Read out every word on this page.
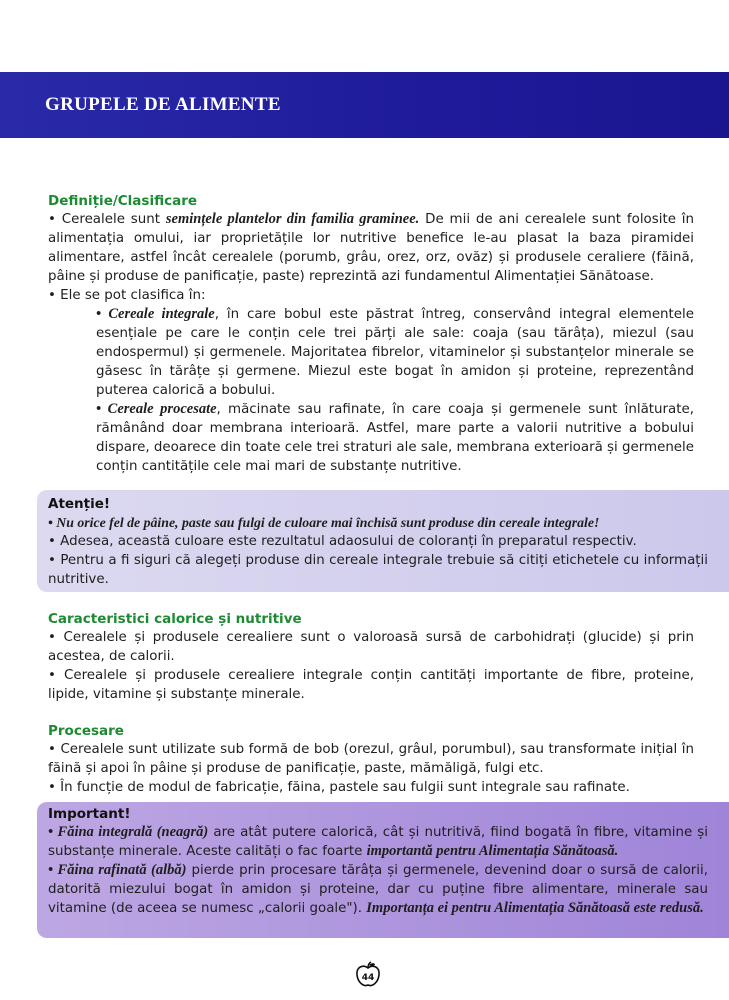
GRUPELE DE ALIMENTE
Definiție/Clasificare

• Cerealele sunt semințele plantelor din familia graminee. De mii de ani cerealele sunt folosite în alimentația omului, iar proprietățile lor nutritive benefice le-au plasat la baza piramidei alimentare, astfel încât cerealele (porumb, grâu, orez, orz, ovăz) și produsele ceraliere (făină, pâine și produse de panificație, paste) reprezintă azi fundamentul Alimentației Sănătoase.

• Ele se pot clasifica în:

• Cereale integrale, în care bobul este păstrat întreg, conservând integral elementele esențiale pe care le conțin cele trei părți ale sale: coaja (sau tărâța), miezul (sau endospermul) și germenele. Majoritatea fibrelor, vitaminelor și substanțelor minerale se găsesc în tărâțe și germene. Miezul este bogat în amidon și proteine, reprezentând puterea calorică a bobului.

• Cereale procesate, măcinate sau rafinate, în care coaja și germenele sunt înlăturate, rămânând doar membrana interioară. Astfel, mare parte a valorii nutritive a bobului dispare, deoarece din toate cele trei straturi ale sale, membrana exterioară și germenele conțin cantitățile cele mai mari de substanțe nutritive.

Atenție!

• Nu orice fel de pâine, paste sau fulgi de culoare mai închisă sunt produse din cereale integrale!

• Adesea, această culoare este rezultatul adaosului de coloranți în preparatul respectiv.

• Pentru a fi siguri că alegeți produse din cereale integrale trebuie să citiți etichetele cu informații nutritive.

Caracteristici calorice și nutritive

• Cerealele și produsele cerealiere sunt o valoroasă sursă de carbohidrați (glucide) și prin acestea, de calorii.

• Cerealele și produsele cerealiere integrale conțin cantități importante de fibre, proteine, lipide, vitamine și substanțe minerale.

Procesare

• Cerealele sunt utilizate sub formă de bob (orezul, grâul, porumbul), sau transformate inițial în făină și apoi în pâine și produse de panificație, paste, mămăligă, fulgi etc.

• În funcție de modul de fabricație, făina, pastele sau fulgii sunt integrale sau rafinate.

Important!

• Făina integrală (neagră) are atât putere calorică, cât și nutritivă, fiind bogată în fibre, vitamine și substanțe minerale. Aceste calități o fac foarte importantă pentru Alimentația Sănătoasă.

• Făina rafinată (albă) pierde prin procesare tărâța și germenele, devenind doar o sursă de calorii, datorită miezului bogat în amidon și proteine, dar cu puține fibre alimentare, minerale sau vitamine (de aceea se numesc „calorii goale"). Importanța ei pentru Alimentația Sănătoasă este redusă.

44
